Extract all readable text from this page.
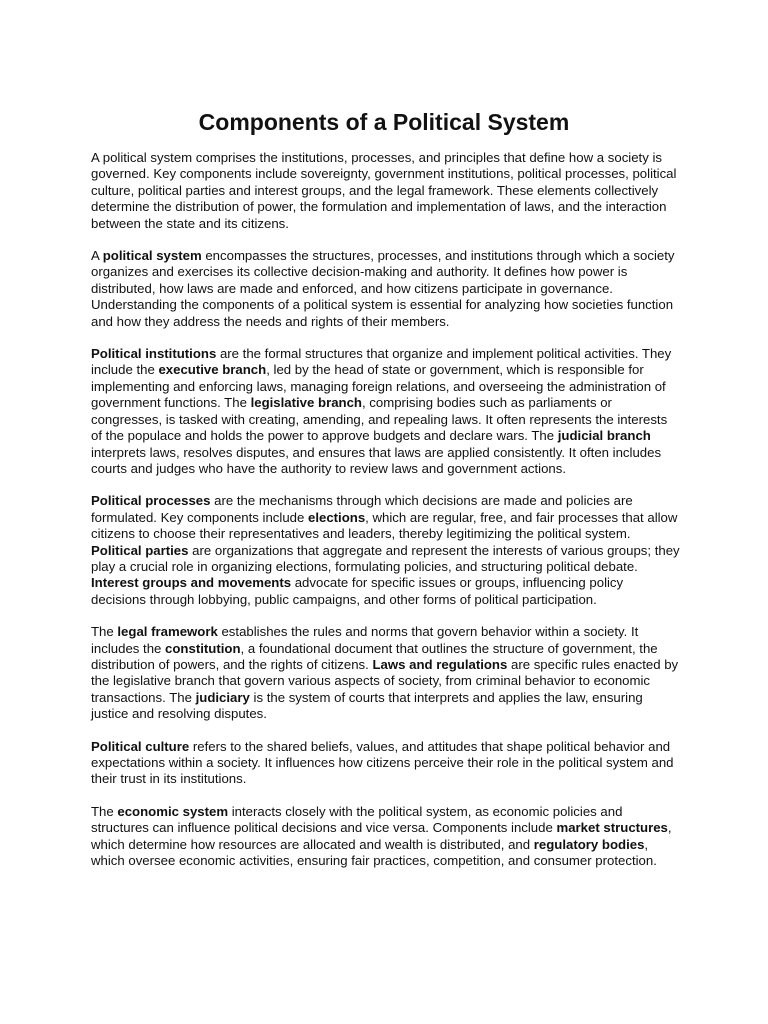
Components of a Political System

A political system comprises the institutions, processes, and principles that define how a society is governed. Key components include sovereignty, government institutions, political processes, political culture, political parties and interest groups, and the legal framework. These elements collectively determine the distribution of power, the formulation and implementation of laws, and the interaction between the state and its citizens.

A political system encompasses the structures, processes, and institutions through which a society organizes and exercises its collective decision-making and authority. It defines how power is distributed, how laws are made and enforced, and how citizens participate in governance. Understanding the components of a political system is essential for analyzing how societies function and how they address the needs and rights of their members.

Political institutions are the formal structures that organize and implement political activities. They include the executive branch, led by the head of state or government, which is responsible for implementing and enforcing laws, managing foreign relations, and overseeing the administration of government functions. The legislative branch, comprising bodies such as parliaments or congresses, is tasked with creating, amending, and repealing laws. It often represents the interests of the populace and holds the power to approve budgets and declare wars. The judicial branch interprets laws, resolves disputes, and ensures that laws are applied consistently. It often includes courts and judges who have the authority to review laws and government actions.

Political processes are the mechanisms through which decisions are made and policies are formulated. Key components include elections, which are regular, free, and fair processes that allow citizens to choose their representatives and leaders, thereby legitimizing the political system. Political parties are organizations that aggregate and represent the interests of various groups; they play a crucial role in organizing elections, formulating policies, and structuring political debate. Interest groups and movements advocate for specific issues or groups, influencing policy decisions through lobbying, public campaigns, and other forms of political participation.

The legal framework establishes the rules and norms that govern behavior within a society. It includes the constitution, a foundational document that outlines the structure of government, the distribution of powers, and the rights of citizens. Laws and regulations are specific rules enacted by the legislative branch that govern various aspects of society, from criminal behavior to economic transactions. The judiciary is the system of courts that interprets and applies the law, ensuring justice and resolving disputes.

Political culture refers to the shared beliefs, values, and attitudes that shape political behavior and expectations within a society. It influences how citizens perceive their role in the political system and their trust in its institutions.

The economic system interacts closely with the political system, as economic policies and structures can influence political decisions and vice versa. Components include market structures, which determine how resources are allocated and wealth is distributed, and regulatory bodies, which oversee economic activities, ensuring fair practices, competition, and consumer protection.
